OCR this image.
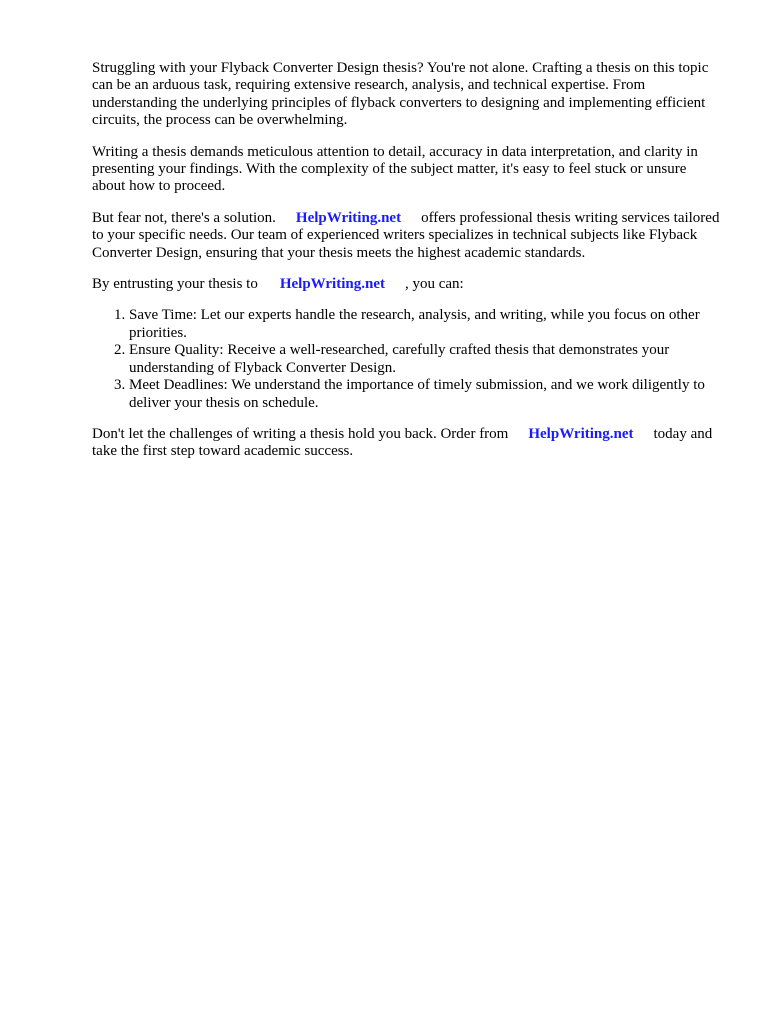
Struggling with your Flyback Converter Design thesis? You're not alone. Crafting a thesis on this topic can be an arduous task, requiring extensive research, analysis, and technical expertise. From understanding the underlying principles of flyback converters to designing and implementing efficient circuits, the process can be overwhelming.

Writing a thesis demands meticulous attention to detail, accuracy in data interpretation, and clarity in presenting your findings. With the complexity of the subject matter, it's easy to feel stuck or unsure about how to proceed.

But fear not, there's a solution. HelpWriting.net offers professional thesis writing services tailored to your specific needs. Our team of experienced writers specializes in technical subjects like Flyback Converter Design, ensuring that your thesis meets the highest academic standards.

By entrusting your thesis to HelpWriting.net , you can:

1. Save Time: Let our experts handle the research, analysis, and writing, while you focus on other priorities.
2. Ensure Quality: Receive a well-researched, carefully crafted thesis that demonstrates your understanding of Flyback Converter Design.
3. Meet Deadlines: We understand the importance of timely submission, and we work diligently to deliver your thesis on schedule.

Don't let the challenges of writing a thesis hold you back. Order from HelpWriting.net today and take the first step toward academic success.
